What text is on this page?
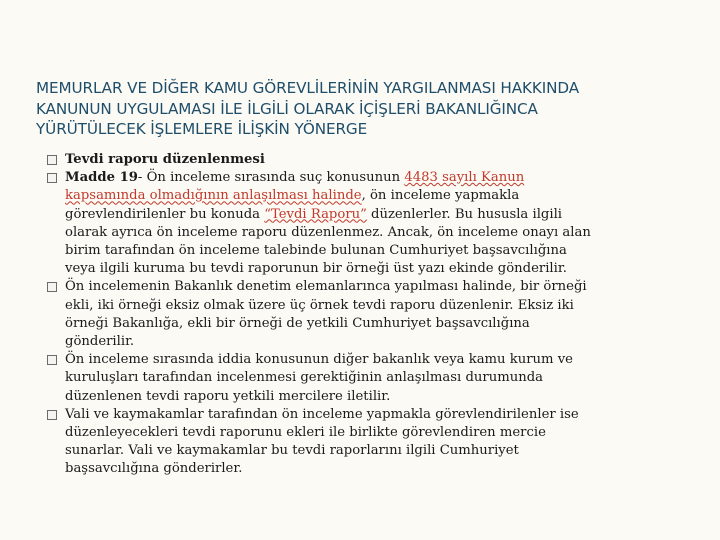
MEMURLAR VE DİĞER KAMU GÖREVLİLERİNİN YARGILANMASI HAKKINDA
KANUNUN UYGULAMASI İLE İLGİLİ OLARAK İÇİŞLERİ BAKANLIĞINCA
YÜRÜTÜLECEK İŞLEMLERE İLİŞKİN YÖNERGE
Tevdi raporu düzenlenmesi
Madde 19- Ön inceleme sırasında suç konusunun 4483 sayılı Kanun
kapsamında olmadığının anlaşılması halinde, ön inceleme yapmakla
görevlendirilenler bu konuda “Tevdi Raporu” düzenlerler. Bu hususla ilgili
olarak ayrıca ön inceleme raporu düzenlenmez. Ancak, ön inceleme onayı alan
birim tarafından ön inceleme talebinde bulunan Cumhuriyet başsavcılığına
veya ilgili kuruma bu tevdi raporunun bir örneği üst yazı ekinde gönderilir.
Ön incelemenin Bakanlık denetim elemanlarınca yapılması halinde, bir örneği
ekli, iki örneği eksiz olmak üzere üç örnek tevdi raporu düzenlenir. Eksiz iki
örneği Bakanlığa, ekli bir örneği de yetkili Cumhuriyet başsavcılığına
gönderilir.
Ön inceleme sırasında iddia konusunun diğer bakanlık veya kamu kurum ve
kuruluşları tarafından incelenmesi gerektiğinin anlaşılması durumunda
düzenlenen tevdi raporu yetkili mercilere iletilir.
Vali ve kaymakamlar tarafından ön inceleme yapmakla görevlendirilenler ise
düzenleyecekleri tevdi raporunu ekleri ile birlikte görevlendiren mercie
sunarlar. Vali ve kaymakamlar bu tevdi raporlarını ilgili Cumhuriyet
başsavcılığına gönderirler.
